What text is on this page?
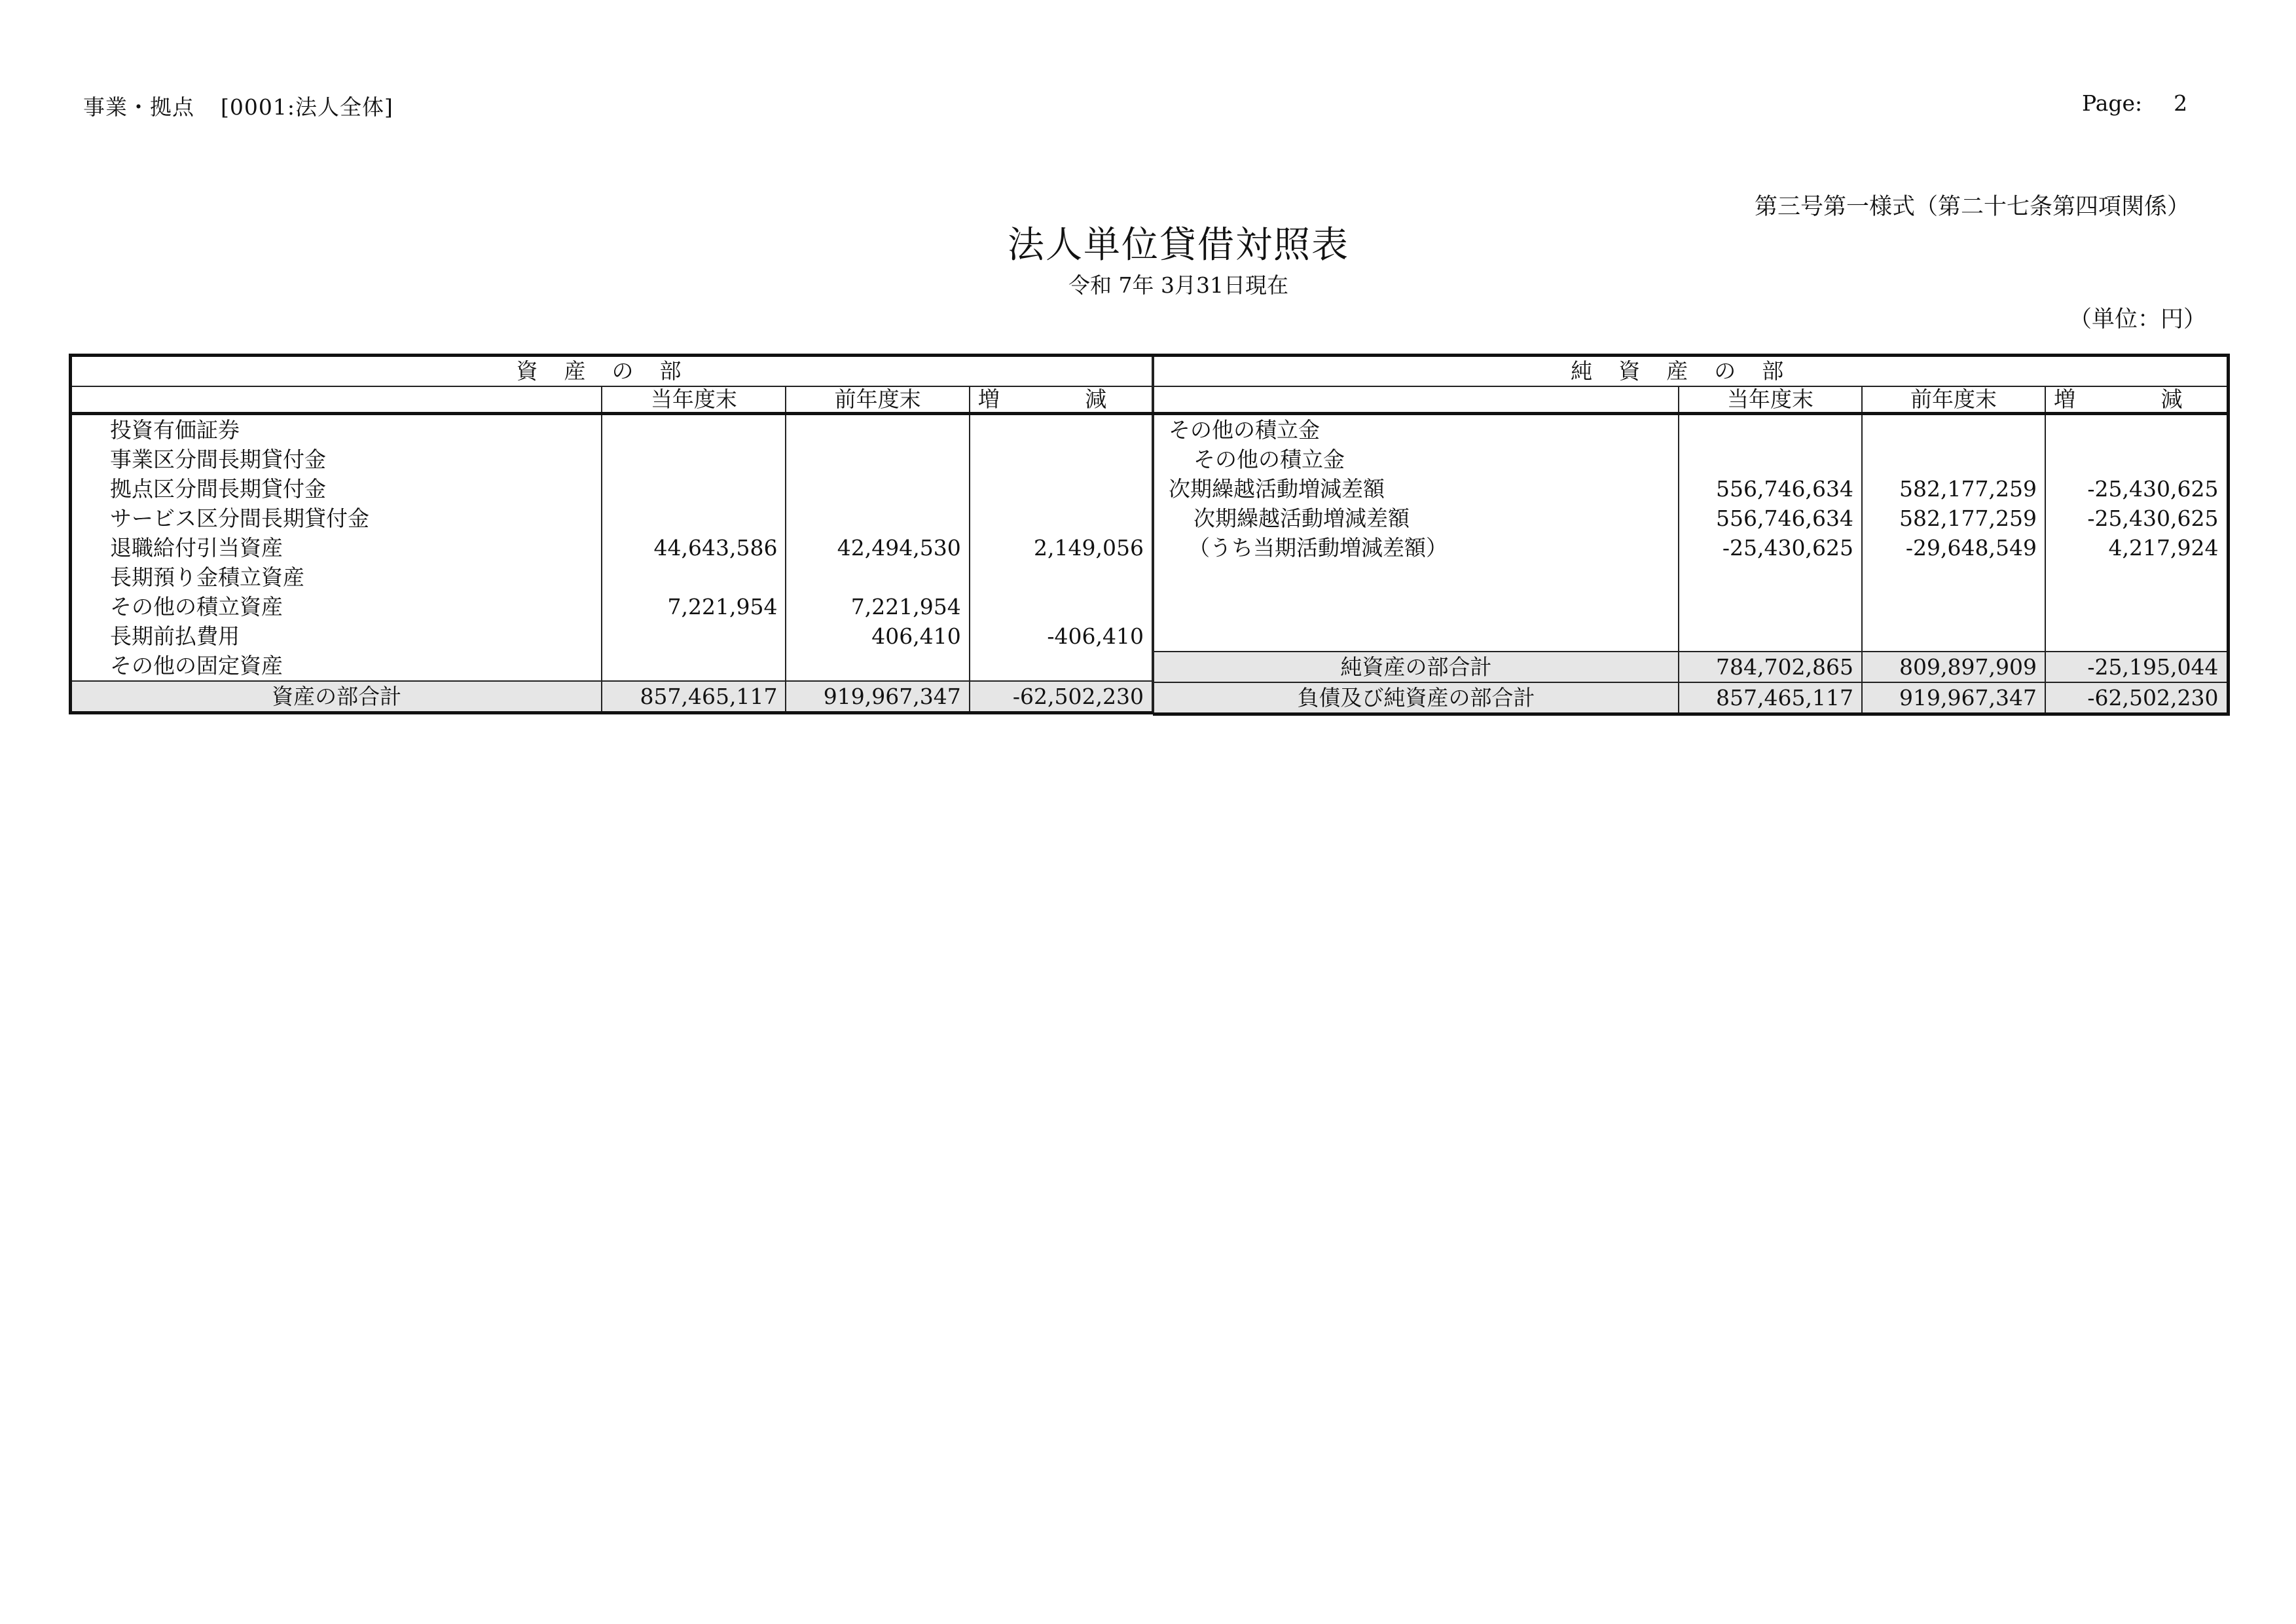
事業・拠点 [0001:法人全体]	Page: 2
第三号第一様式（第二十七条第四項関係）
法人単位貸借対照表
令和 7年 3月31日現在
（単位：円）
資産の部			
	当年度末	前年度末	増 減
投資有価証券			
事業区分間長期貸付金			
拠点区分間長期貸付金			
サービス区分間長期貸付金			
退職給付引当資産	44,643,586	42,494,530	2,149,056
長期預り金積立資産			
その他の積立資産	7,221,954	7,221,954	
長期前払費用		406,410	-406,410
その他の固定資産			
資産の部合計	857,465,117	919,967,347	-62,502,230
純資産の部			
	当年度末	前年度末	増 減
その他の積立金			
その他の積立金			
次期繰越活動増減差額	556,746,634	582,177,259	-25,430,625
次期繰越活動増減差額	556,746,634	582,177,259	-25,430,625
（うち当期活動増減差額）	-25,430,625	-29,648,549	4,217,924

純資産の部合計	784,702,865	809,897,909	-25,195,044
負債及び純資産の部合計	857,465,117	919,967,347	-62,502,230
